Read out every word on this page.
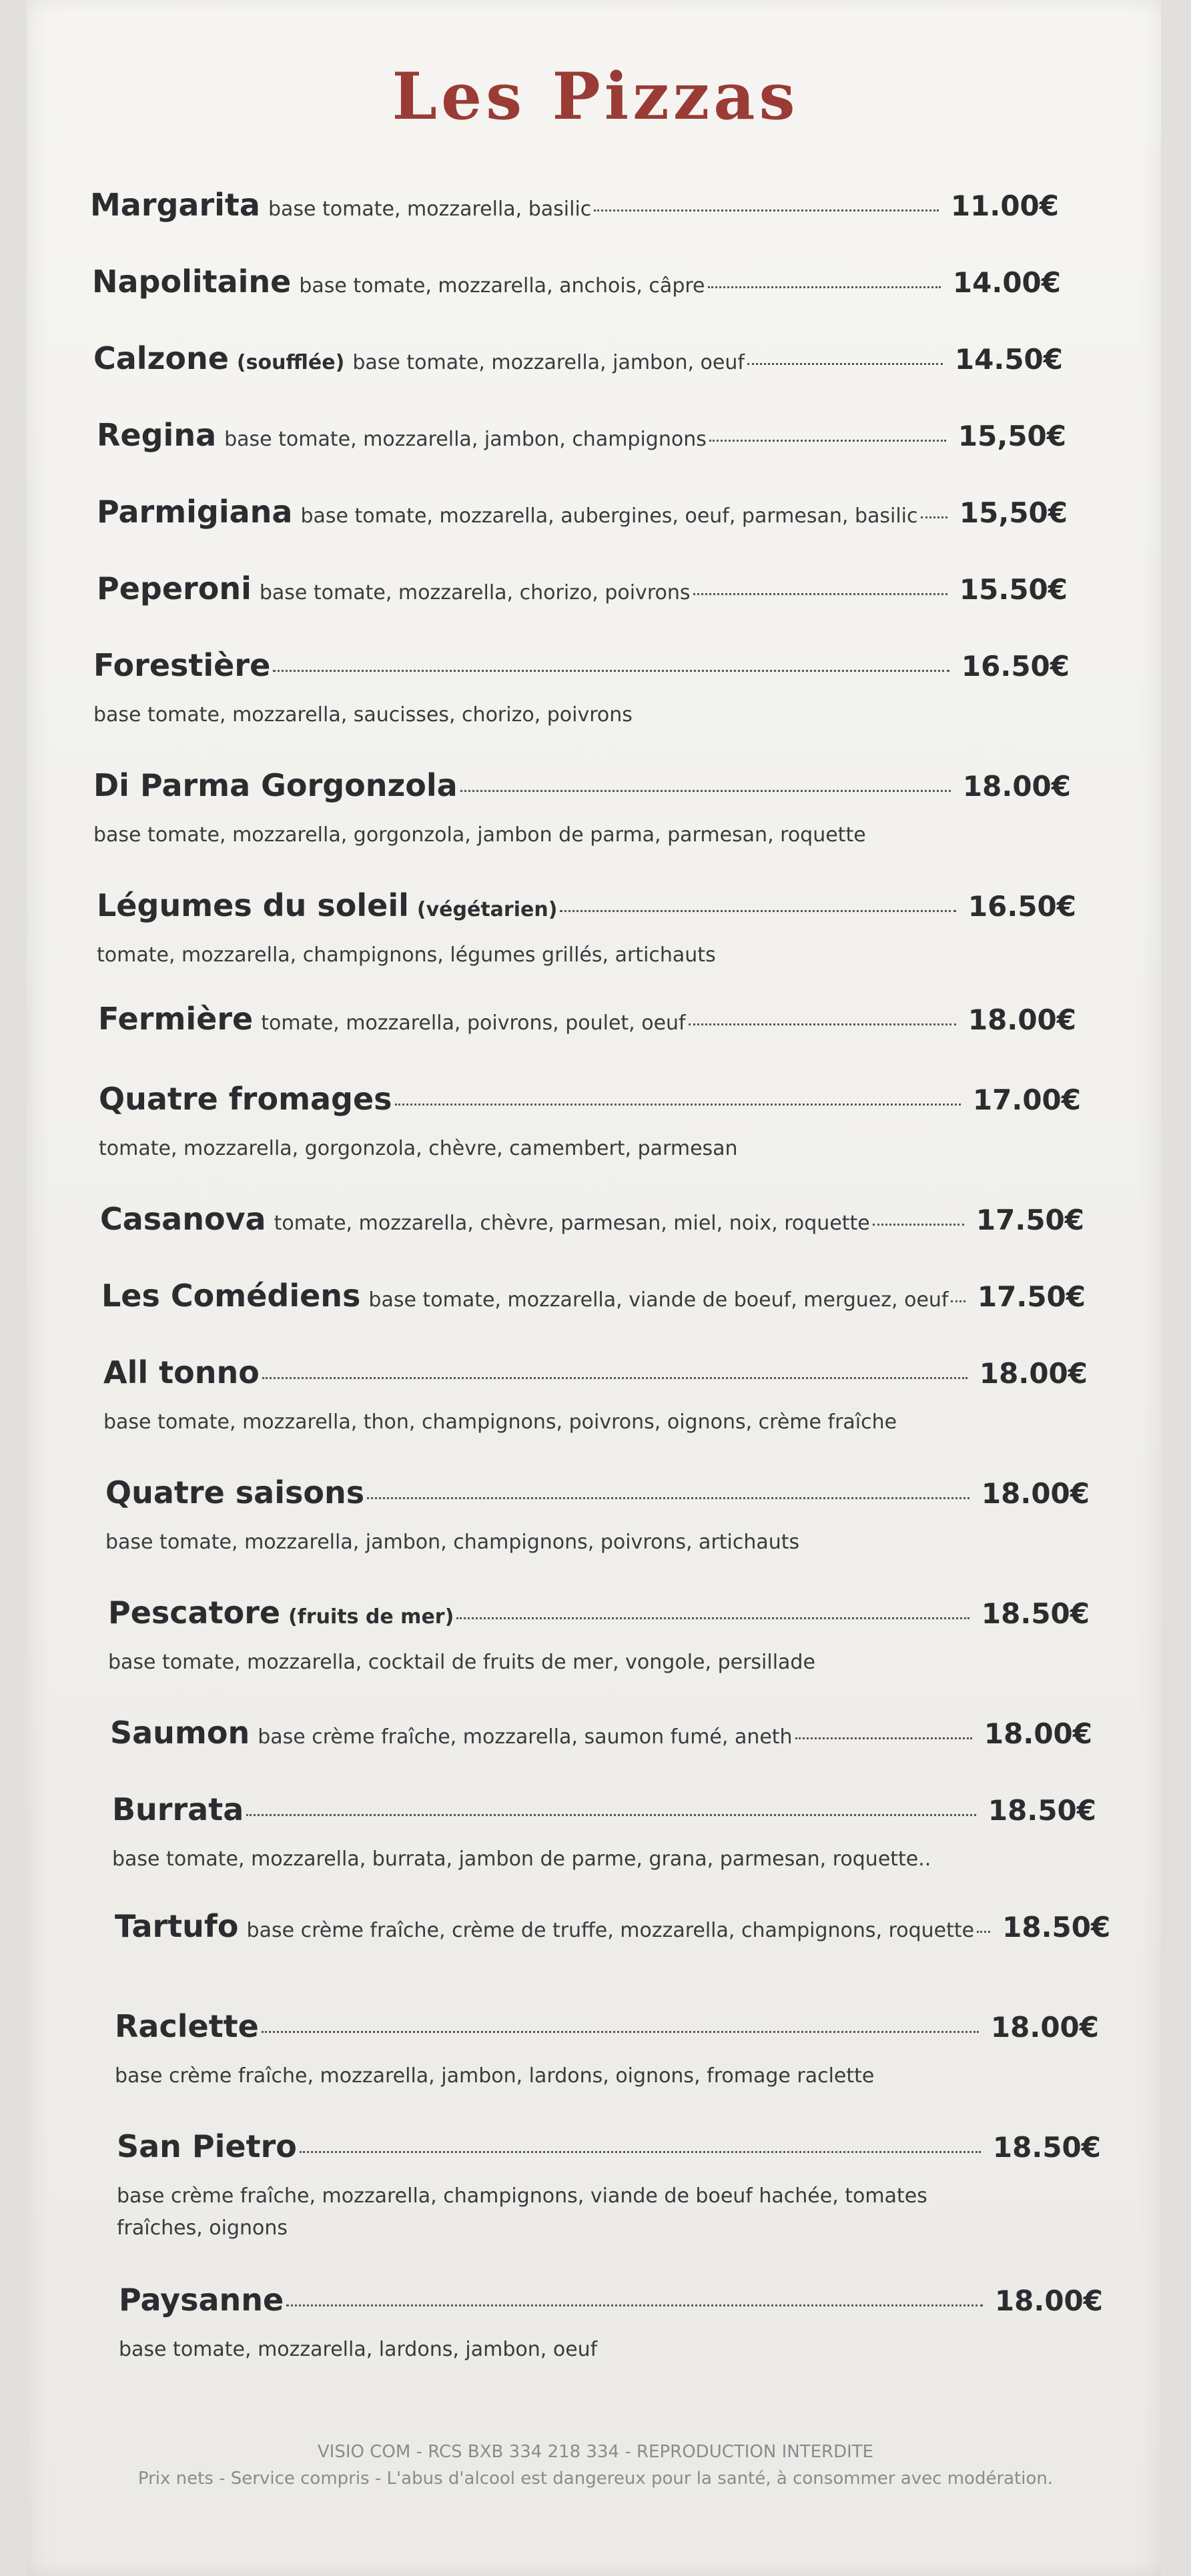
Les Pizzas
Margarita base tomate, mozzarella, basilic	11.00€
Napolitaine base tomate, mozzarella, anchois, câpre	14.00€
Calzone (soufflée) base tomate, mozzarella, jambon, oeuf	14.50€
Regina base tomate, mozzarella, jambon, champignons	15,50€
Parmigiana base tomate, mozzarella, aubergines, oeuf, parmesan, basilic 15,50€
Peperoni base tomate, mozzarella, chorizo, poivrons	15.50€
Forestière	16.50€
base tomate, mozzarella, saucisses, chorizo, poivrons
Di Parma Gorgonzola	18.00€
base tomate, mozzarella, gorgonzola, jambon de parma, parmesan, roquette
Légumes du soleil (végétarien)	16.50€
tomate, mozzarella, champignons, légumes grillés, artichauts
Fermière tomate, mozzarella, poivrons, poulet, oeuf	18.00€
Quatre fromages	17.00€
tomate, mozzarella, gorgonzola, chèvre, camembert, parmesan
Casanova tomate, mozzarella, chèvre, parmesan, miel, noix, roquette	17.50€
Les Comédiens base tomate, mozzarella, viande de boeuf, merguez, oeuf 17.50€
All tonno	18.00€
base tomate, mozzarella, thon, champignons, poivrons, oignons, crème fraîche
Quatre saisons	18.00€
base tomate, mozzarella, jambon, champignons, poivrons, artichauts
Pescatore (fruits de mer)	18.50€
base tomate, mozzarella, cocktail de fruits de mer, vongole, persillade
Saumon base crème fraîche, mozzarella, saumon fumé, aneth	18.00€
Burrata	18.50€
base tomate, mozzarella, burrata, jambon de parme, grana, parmesan, roquette..
Tartufo base crème fraîche, crème de truffe, mozzarella, champignons, roquette 18.50€
Raclette	18.00€
base crème fraîche, mozzarella, jambon, lardons, oignons, fromage raclette
San Pietro	18.50€
base crème fraîche, mozzarella, champignons, viande de boeuf hachée, tomates
fraîches, oignons
Paysanne	18.00€
base tomate, mozzarella, lardons, jambon, oeuf
VISIO COM - RCS BXB 334 218 334 - REPRODUCTION INTERDITE
Prix nets - Service compris - L'abus d'alcool est dangereux pour la santé, à consommer avec modération.
